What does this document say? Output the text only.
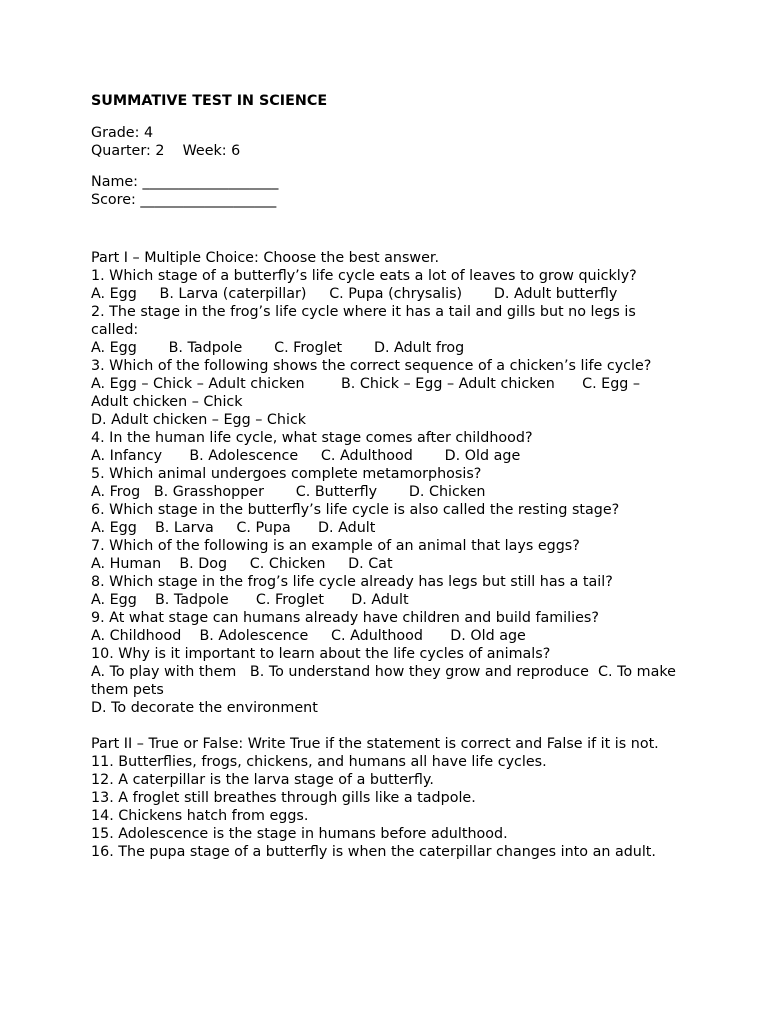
SUMMATIVE TEST IN SCIENCE
Grade: 4
Quarter: 2    Week: 6
Name: ___________________
Score: ___________________
Part I – Multiple Choice: Choose the best answer.
1. Which stage of a butterfly’s life cycle eats a lot of leaves to grow quickly?
A. Egg     B. Larva (caterpillar)     C. Pupa (chrysalis)       D. Adult butterfly
2. The stage in the frog’s life cycle where it has a tail and gills but no legs is called:
A. Egg       B. Tadpole       C. Froglet       D. Adult frog
3. Which of the following shows the correct sequence of a chicken’s life cycle?
A. Egg – Chick – Adult chicken        B. Chick – Egg – Adult chicken      C. Egg – Adult chicken – Chick
D. Adult chicken – Egg – Chick
4. In the human life cycle, what stage comes after childhood?
A. Infancy      B. Adolescence     C. Adulthood       D. Old age
5. Which animal undergoes complete metamorphosis?
A. Frog   B. Grasshopper       C. Butterfly       D. Chicken
6. Which stage in the butterfly’s life cycle is also called the resting stage?
A. Egg    B. Larva     C. Pupa      D. Adult
7. Which of the following is an example of an animal that lays eggs?
A. Human    B. Dog     C. Chicken     D. Cat
8. Which stage in the frog’s life cycle already has legs but still has a tail?
A. Egg    B. Tadpole      C. Froglet      D. Adult
9. At what stage can humans already have children and build families?
A. Childhood    B. Adolescence     C. Adulthood      D. Old age
10. Why is it important to learn about the life cycles of animals?
A. To play with them   B. To understand how they grow and reproduce  C. To make them pets
D. To decorate the environment
Part II – True or False: Write True if the statement is correct and False if it is not.
11. Butterflies, frogs, chickens, and humans all have life cycles.
12. A caterpillar is the larva stage of a butterfly.
13. A froglet still breathes through gills like a tadpole.
14. Chickens hatch from eggs.
15. Adolescence is the stage in humans before adulthood.
16. The pupa stage of a butterfly is when the caterpillar changes into an adult.
